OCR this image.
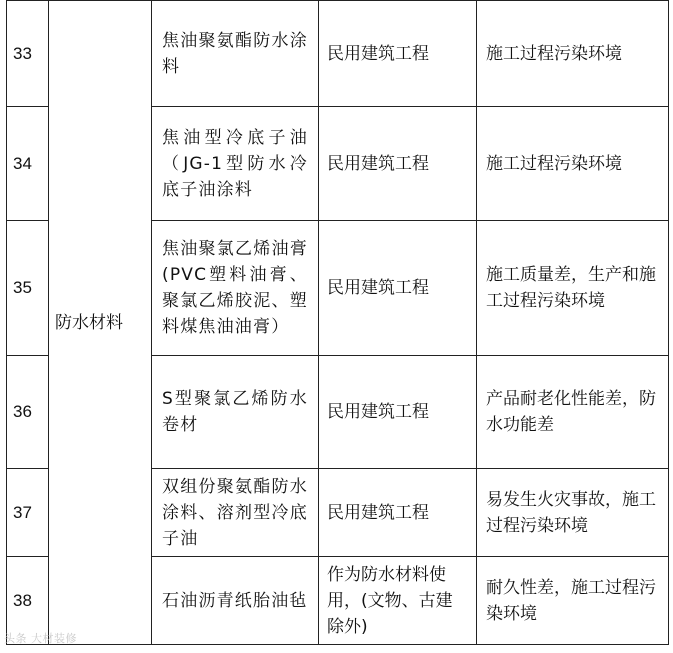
33	防水材料	焦油聚氨酯防水涂料	民用建筑工程	施工过程污染环境
34		焦油型冷底子油（JG-1型防水冷底子油涂料	民用建筑工程	施工过程污染环境
35		焦油聚氯乙烯油膏(PVC塑料油膏、聚氯乙烯胶泥、塑料煤焦油油膏）	民用建筑工程	施工质量差，生产和施工过程污染环境
36		S型聚氯乙烯防水卷材	民用建筑工程	产品耐老化性能差，防水功能差
37		双组份聚氨酯防水涂料、溶剂型冷底子油	民用建筑工程	易发生火灾事故，施工过程污染环境
38		石油沥青纸胎油毡	作为防水材料使用，(文物、古建除外)	耐久性差，施工过程污染环境
头条 大材装修
